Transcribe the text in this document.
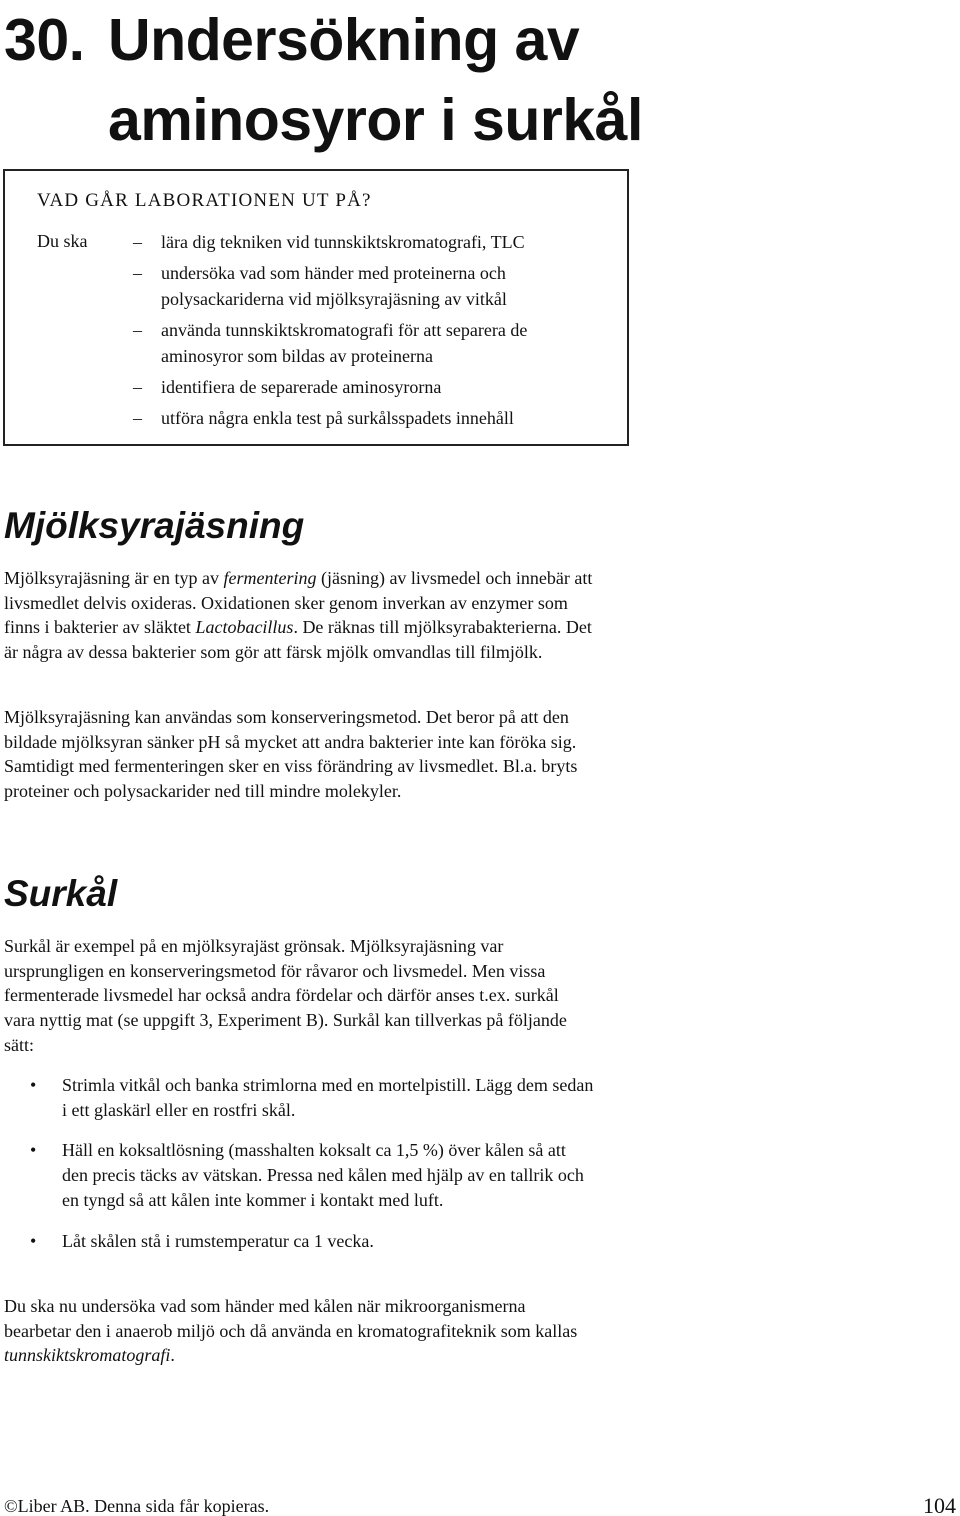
30. Undersökning av
aminosyror i surkål
VAD GÅR LABORATIONEN UT PÅ?
Du ska	– lära dig tekniken vid tunnskiktskromatografi, TLC
– undersöka vad som händer med proteinerna och polysackariderna vid mjölksyrajäsning av vitkål
– använda tunnskiktskromatografi för att separera de aminosyror som bildas av proteinerna
– identifiera de separerade aminosyrorna
– utföra några enkla test på surkålsspadets innehåll
Mjölksyrajäsning

Mjölksyrajäsning är en typ av fermentering (jäsning) av livsmedel och innebär att livsmedlet delvis oxideras. Oxidationen sker genom inverkan av enzymer som finns i bakterier av släktet Lactobacillus. De räknas till mjölksyrabakterierna. Det är några av dessa bakterier som gör att färsk mjölk omvandlas till filmjölk.

Mjölksyrajäsning kan användas som konserveringsmetod. Det beror på att den bildade mjölksyran sänker pH så mycket att andra bakterier inte kan föröka sig. Samtidigt med fermenteringen sker en viss förändring av livsmedlet. Bl.a. bryts proteiner och polysackarider ned till mindre molekyler.

Surkål

Surkål är exempel på en mjölksyrajäst grönsak. Mjölksyrajäsning var ursprungligen en konserveringsmetod för råvaror och livsmedel. Men vissa fermenterade livsmedel har också andra fördelar och därför anses t.ex. surkål vara nyttig mat (se uppgift 3, Experiment B). Surkål kan tillverkas på följande sätt:

• Strimla vitkål och banka strimlorna med en mortelpistill. Lägg dem sedan i ett glaskärl eller en rostfri skål.
• Häll en koksaltlösning (masshalten koksalt ca 1,5 %) över kålen så att den precis täcks av vätskan. Pressa ned kålen med hjälp av en tallrik och en tyngd så att kålen inte kommer i kontakt med luft.
• Låt skålen stå i rumstemperatur ca 1 vecka.

Du ska nu undersöka vad som händer med kålen när mikroorganismerna bearbetar den i anaerob miljö och då använda en kromatografiteknik som kallas tunnskiktskromatografi.

©Liber AB. Denna sida får kopieras.	104
